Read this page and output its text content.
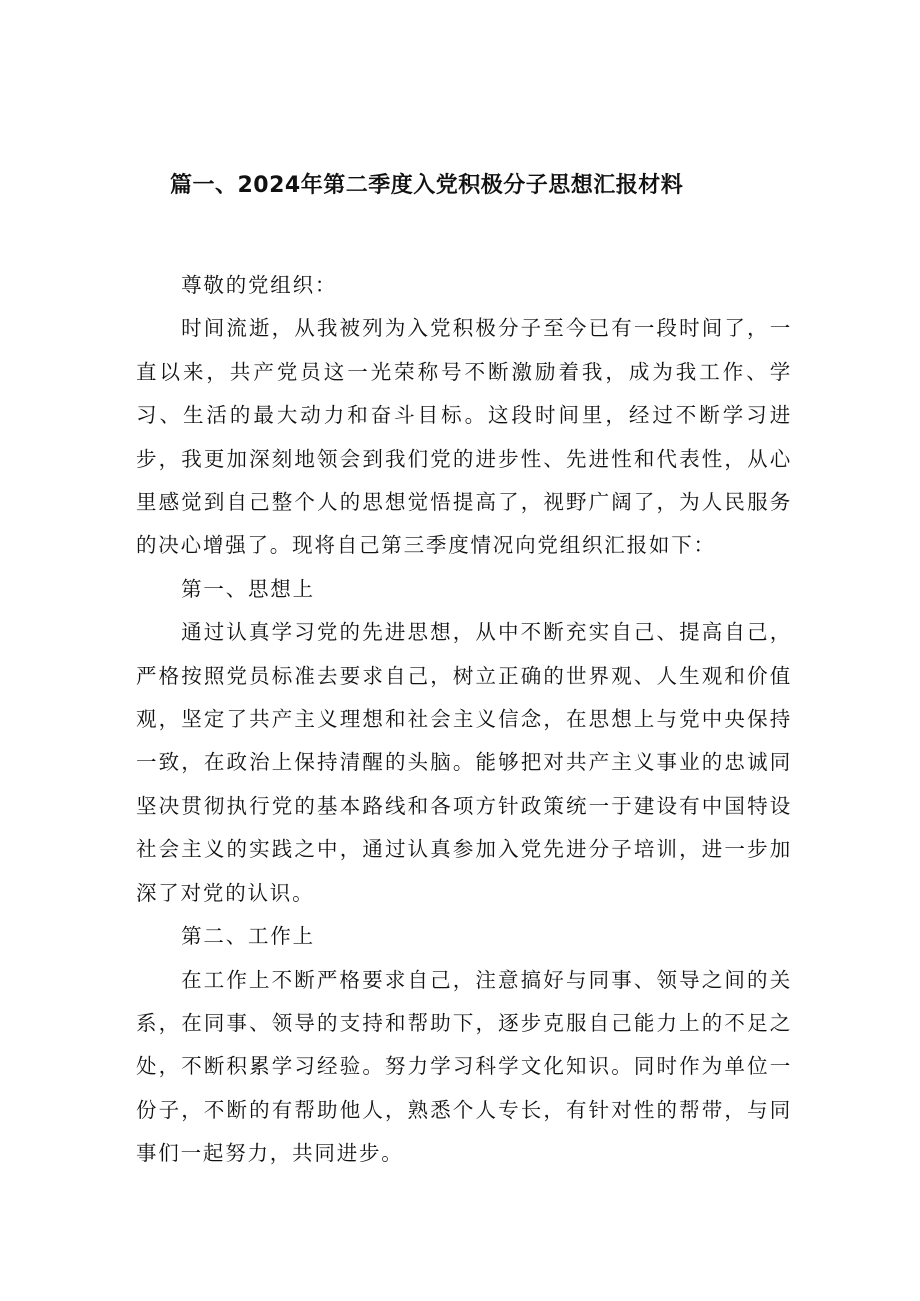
篇一、2024年第二季度入党积极分子思想汇报材料

尊敬的党组织：

时间流逝，从我被列为入党积极分子至今已有一段时间了，一直以来，共产党员这一光荣称号不断激励着我，成为我工作、学习、生活的最大动力和奋斗目标。这段时间里，经过不断学习进步，我更加深刻地领会到我们党的进步性、先进性和代表性，从心里感觉到自己整个人的思想觉悟提高了，视野广阔了，为人民服务的决心增强了。现将自己第三季度情况向党组织汇报如下：

第一、思想上

通过认真学习党的先进思想，从中不断充实自己、提高自己，严格按照党员标准去要求自己，树立正确的世界观、人生观和价值观，坚定了共产主义理想和社会主义信念，在思想上与党中央保持一致，在政治上保持清醒的头脑。能够把对共产主义事业的忠诚同坚决贯彻执行党的基本路线和各项方针政策统一于建设有中国特设社会主义的实践之中，通过认真参加入党先进分子培训，进一步加深了对党的认识。

第二、工作上

在工作上不断严格要求自己，注意搞好与同事、领导之间的关系，在同事、领导的支持和帮助下，逐步克服自己能力上的不足之处，不断积累学习经验。努力学习科学文化知识。同时作为单位一份子，不断的有帮助他人，熟悉个人专长，有针对性的帮带，与同事们一起努力，共同进步。
